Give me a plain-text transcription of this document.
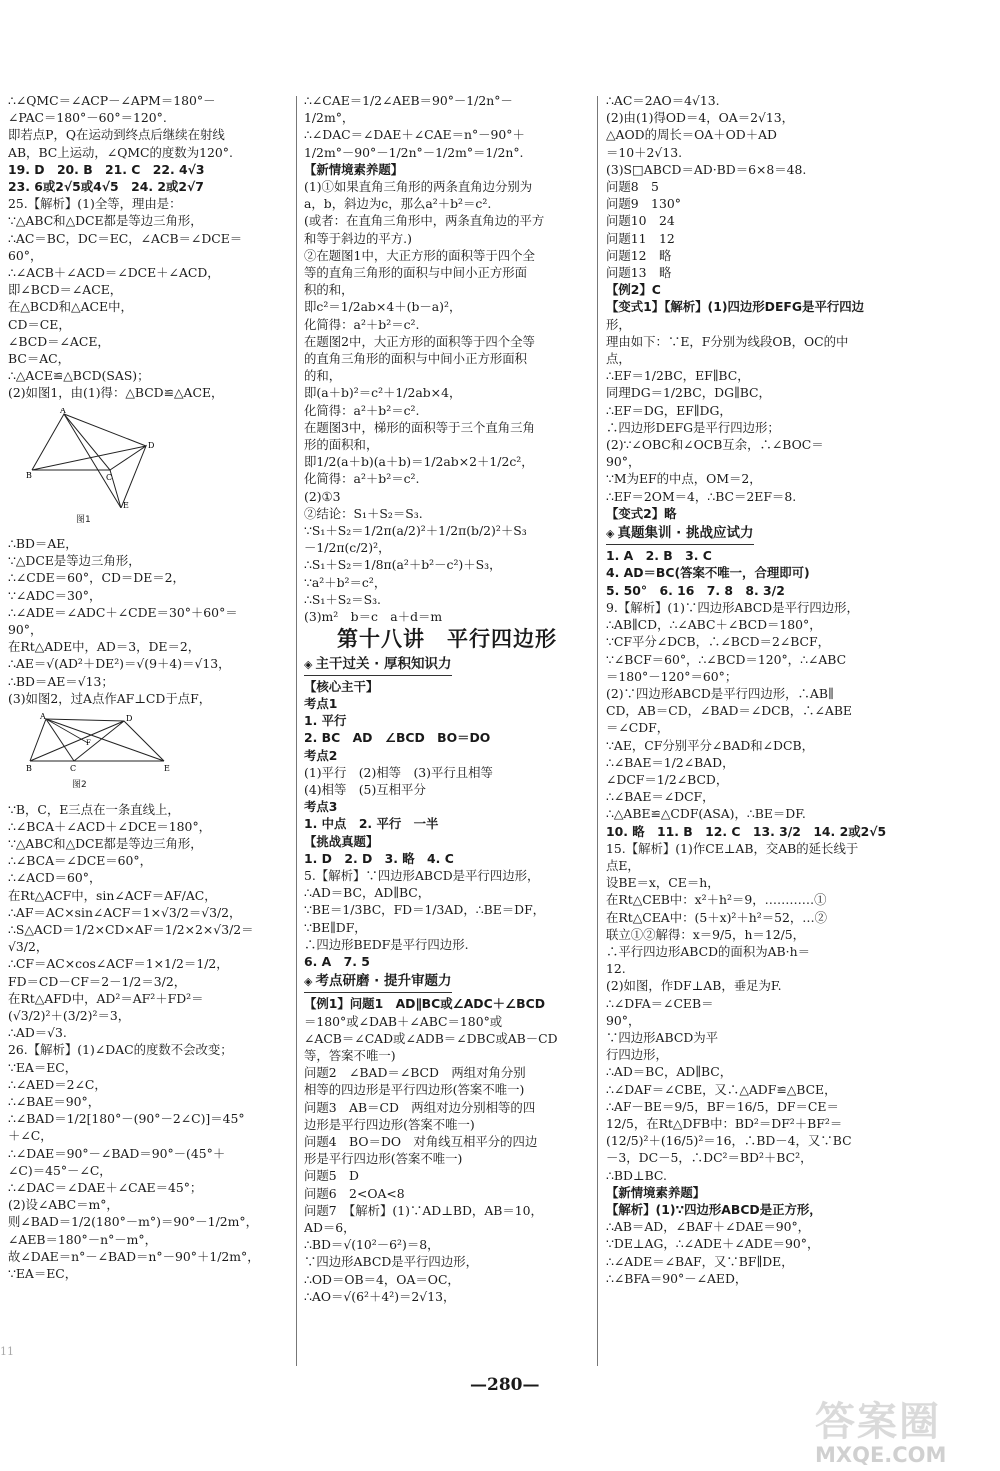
∴∠QMC＝∠ACP－∠APM＝180°－
∠PAC＝180°－60°＝120°.
即若点P，Q在运动到终点后继续在射线
AB，BC上运动，∠QMC的度数为120°.
19. D　20. B　21. C　22. 4√3
23. 6或2√5或4√5　24. 2或2√7
25.【解析】(1)全等，理由是：
∵△ABC和△DCE都是等边三角形，
∴AC＝BC，DC＝EC，∠ACB＝∠DCE＝
60°，
∴∠ACB＋∠ACD＝∠DCE＋∠ACD，
即∠BCD＝∠ACE，
在△BCD和△ACE中，
CD＝CE，
∠BCD＝∠ACE，
BC＝AC，
∴△ACE≌△BCD(SAS)；
(2)如图1，由(1)得：△BCD≌△ACE，
A
B	C
D
E
图1
∴BD＝AE，
∵△DCE是等边三角形，
∴∠CDE＝60°，CD＝DE＝2，
∵∠ADC＝30°，
∴∠ADE＝∠ADC＋∠CDE＝30°＋60°＝
90°，
在Rt△ADE中，AD＝3，DE＝2，
∴AE＝√(AD²＋DE²)＝√(9＋4)＝√13，
∴BD＝AE＝√13；
(3)如图2，过A点作AF⊥CD于点F，
A
B	C
D
E
F
图2
∵B，C，E三点在一条直线上，
∴∠BCA＋∠ACD＋∠DCE＝180°，
∵△ABC和△DCE都是等边三角形，
∴∠BCA＝∠DCE＝60°，
∴∠ACD＝60°，
在Rt△ACF中，sin∠ACF＝AF/AC，
∴AF＝AC×sin∠ACF＝1×√3/2＝√3/2，
∴S△ACD＝1/2×CD×AF＝1/2×2×√3/2＝
√3/2，
∴CF＝AC×cos∠ACF＝1×1/2＝1/2，
FD＝CD－CF＝2－1/2＝3/2，
在Rt△AFD中，AD²＝AF²＋FD²＝
(√3/2)²＋(3/2)²＝3，
∴AD＝√3.
26.【解析】(1)∠DAC的度数不会改变；
∵EA＝EC，
∴∠AED＝2∠C，
∴∠BAE＝90°，
∴∠BAD＝1/2[180°－(90°－2∠C)]＝45°
＋∠C，
∴∠DAE＝90°－∠BAD＝90°－(45°＋
∠C)＝45°－∠C，
∴∠DAC＝∠DAE＋∠CAE＝45°；
(2)设∠ABC＝m°，
则∠BAD＝1/2(180°－m°)＝90°－1/2m°，
∠AEB＝180°－n°－m°，
故∠DAE＝n°－∠BAD＝n°－90°＋1/2m°，
∵EA＝EC，
∴∠CAE＝1/2∠AEB＝90°－1/2n°－
1/2m°，
∴∠DAC＝∠DAE＋∠CAE＝n°－90°＋
1/2m°－90°－1/2n°－1/2m°＝1/2n°.
【新情境素养题】
(1)①如果直角三角形的两条直角边分别为
a，b，斜边为c，那么a²＋b²＝c².
(或者：在直角三角形中，两条直角边的平方
和等于斜边的平方.)
②在题图1中，大正方形的面积等于四个全
等的直角三角形的面积与中间小正方形面
积的和，
即c²＝1/2ab×4＋(b－a)²，
化简得：a²＋b²＝c².
在题图2中，大正方形的面积等于四个全等
的直角三角形的面积与中间小正方形面积
的和，
即(a＋b)²＝c²＋1/2ab×4，
化简得：a²＋b²＝c².
在题图3中，梯形的面积等于三个直角三角
形的面积和，
即1/2(a＋b)(a＋b)＝1/2ab×2＋1/2c²，
化简得：a²＋b²＝c².
(2)①3
②结论：S₁＋S₂＝S₃.
∵S₁＋S₂＝1/2π(a/2)²＋1/2π(b/2)²＋S₃
－1/2π(c/2)²，
∴S₁＋S₂＝1/8π(a²＋b²－c²)＋S₃，
∵a²＋b²＝c²，
∴S₁＋S₂＝S₃.
(3)m²　b＝c　a＋d＝m
第十八讲　平行四边形
◈ 主干过关 · 厚积知识力
【核心主干】
考点1
1. 平行
2. BC　AD　∠BCD　BO＝DO
考点2
(1)平行　(2)相等　(3)平行且相等
(4)相等　(5)互相平分
考点3
1. 中点　2. 平行　一半
【挑战真题】
1. D　2. D　3. 略　4. C
5.【解析】∵四边形ABCD是平行四边形，
∴AD＝BC，AD∥BC，
∵BE＝1/3BC，FD＝1/3AD，∴BE＝DF，
∵BE∥DF，
∴四边形BEDF是平行四边形.
6. A　7. 5
◈ 考点研磨 · 提升审题力
【例1】问题1　AD∥BC或∠ADC＋∠BCD
＝180°或∠DAB＋∠ABC＝180°或
∠ACB＝∠CAD或∠ADB＝∠DBC或AB－CD
等，答案不唯一)
问题2　∠BAD＝∠BCD　两组对角分别
相等的四边形是平行四边形(答案不唯一)
问题3　AB＝CD　两组对边分别相等的四
边形是平行四边形(答案不唯一)
问题4　BO＝DO　对角线互相平分的四边
形是平行四边形(答案不唯一)
问题5　D
问题6　2<OA<8
问题7　【解析】(1)∵AD⊥BD，AB＝10，
AD＝6，
∴BD＝√(10²－6²)＝8，
∵四边形ABCD是平行四边形，
∴OD＝OB＝4，OA＝OC，
∴AO＝√(6²＋4²)＝2√13，
∴AC＝2AO＝4√13.
(2)由(1)得OD＝4，OA＝2√13，
△AOD的周长＝OA＋OD＋AD
＝10＋2√13.
(3)S□ABCD＝AD·BD＝6×8＝48.
问题8　5
问题9　130°
问题10　24
问题11　12
问题12　略
问题13　略
【例2】C
【变式1】【解析】(1)四边形DEFG是平行四边
形，
理由如下：∵E，F分别为线段OB，OC的中
点，
∴EF＝1/2BC，EF∥BC，
同理DG＝1/2BC，DG∥BC，
∴EF＝DG，EF∥DG，
∴四边形DEFG是平行四边形；
(2)∵∠OBC和∠OCB互余，∴∠BOC＝
90°，
∵M为EF的中点，OM＝2，
∴EF＝2OM＝4，∴BC＝2EF＝8.
【变式2】略
◈ 真题集训 · 挑战应试力
1. A　2. B　3. C
4. AD＝BC(答案不唯一，合理即可)
5. 50°　6. 16　7. 8　8. 3/2
9.【解析】(1)∵四边形ABCD是平行四边形，
∴AB∥CD，∴∠ABC＋∠BCD＝180°，
∵CF平分∠DCB，∴∠BCD＝2∠BCF，
∵∠BCF＝60°，∴∠BCD＝120°，∴∠ABC
＝180°－120°＝60°；
(2)∵四边形ABCD是平行四边形，∴AB∥
CD，AB＝CD，∠BAD＝∠DCB，∴∠ABE
＝∠CDF，
∵AE，CF分别平分∠BAD和∠DCB，
∴∠BAE＝1/2∠BAD，
∠DCF＝1/2∠BCD，
∴∠BAE＝∠DCF，
∴△ABE≌△CDF(ASA)，∴BE＝DF.
10. 略　11. B　12. C　13. 3/2　14. 2或2√5
15.【解析】(1)作CE⊥AB，交AB的延长线于
点E，
设BE＝x，CE＝h，
在Rt△CEB中：x²＋h²＝9，…………①
在Rt△CEA中：(5＋x)²＋h²＝52，…②
联立①②解得：x＝9/5，h＝12/5，
∴平行四边形ABCD的面积为AB·h＝
12.
(2)如图，作DF⊥AB，垂足为F.
∴∠DFA＝∠CEB＝
90°，
∵四边形ABCD为平
行四边形，
∴AD＝BC，AD∥BC，
∴∠DAF＝∠CBE，又∴△ADF≌△BCE，
∴AF－BE＝9/5，BF＝16/5，DF＝CE＝
12/5，在Rt△DFB中：BD²＝DF²＋BF²＝
(12/5)²＋(16/5)²＝16，∴BD－4，又∵BC
－3，DC－5，∴DC²＝BD²＋BC²，
∴BD⊥BC.
【新情境素养题】
【解析】(1)∵四边形ABCD是正方形，
∴AB＝AD，∠BAF＋∠DAE＝90°，
∵DE⊥AG，∴∠ADE＋∠ADE＝90°，
∴∠ADE＝∠BAF，又∵BF∥DE，
∴∠BFA＝90°－∠AED，
11
—280—
答案圈
MXQE.COM
